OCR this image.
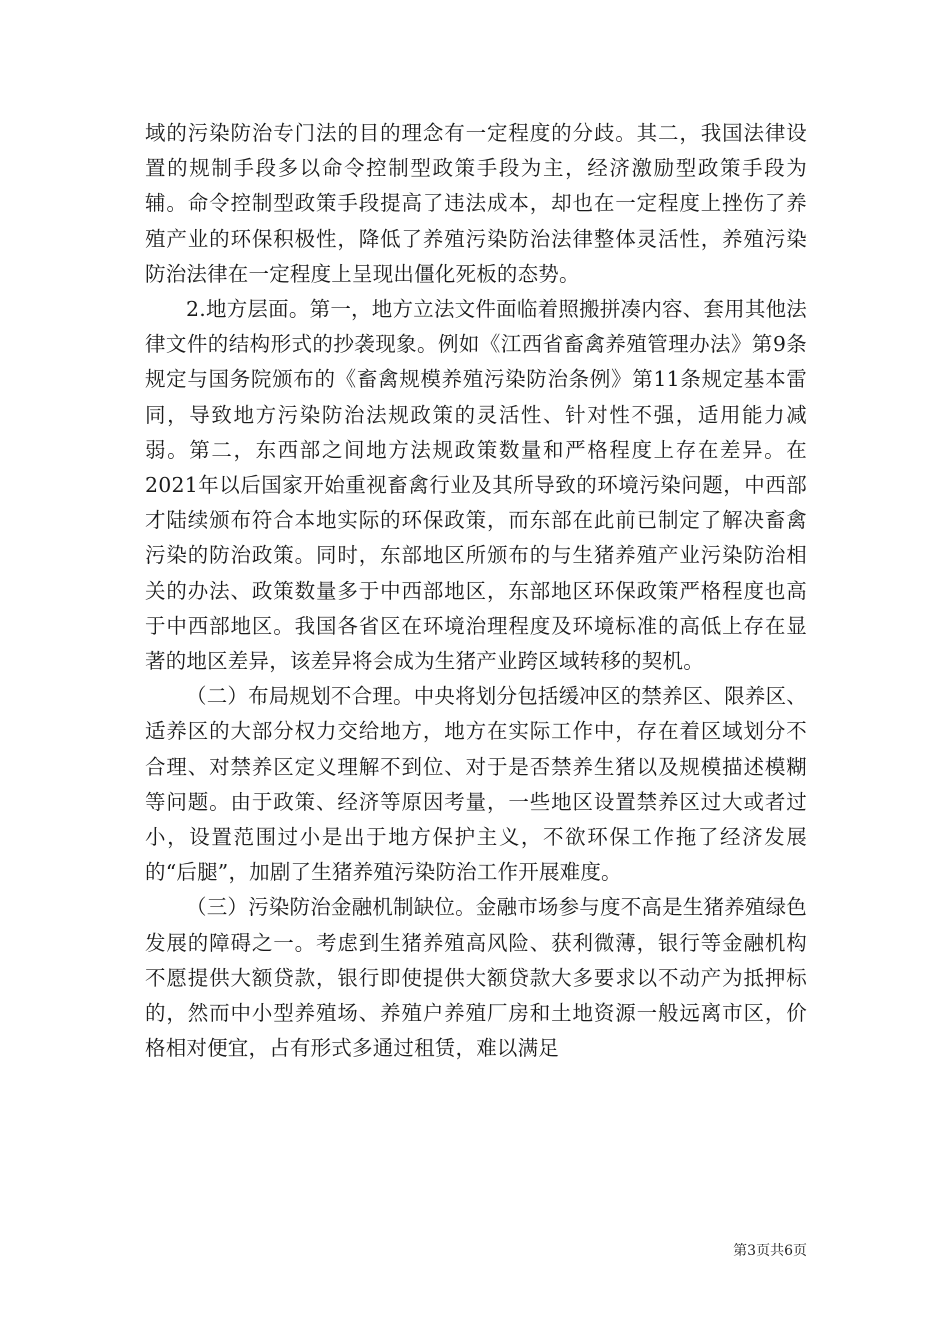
域的污染防治专门法的目的理念有一定程度的分歧。其二，我国法律设置的规制手段多以命令控制型政策手段为主，经济激励型政策手段为辅。命令控制型政策手段提高了违法成本，却也在一定程度上挫伤了养殖产业的环保积极性，降低了养殖污染防治法律整体灵活性，养殖污染防治法律在一定程度上呈现出僵化死板的态势。

2.地方层面。第一，地方立法文件面临着照搬拼凑内容、套用其他法律文件的结构形式的抄袭现象。例如《江西省畜禽养殖管理办法》第9条规定与国务院颁布的《畜禽规模养殖污染防治条例》第11条规定基本雷同，导致地方污染防治法规政策的灵活性、针对性不强，适用能力减弱。第二，东西部之间地方法规政策数量和严格程度上存在差异。在2021年以后国家开始重视畜禽行业及其所导致的环境污染问题，中西部才陆续颁布符合本地实际的环保政策，而东部在此前已制定了解决畜禽污染的防治政策。同时，东部地区所颁布的与生猪养殖产业污染防治相关的办法、政策数量多于中西部地区，东部地区环保政策严格程度也高于中西部地区。我国各省区在环境治理程度及环境标准的高低上存在显著的地区差异，该差异将会成为生猪产业跨区域转移的契机。

（二）布局规划不合理。中央将划分包括缓冲区的禁养区、限养区、适养区的大部分权力交给地方，地方在实际工作中，存在着区域划分不合理、对禁养区定义理解不到位、对于是否禁养生猪以及规模描述模糊等问题。由于政策、经济等原因考量，一些地区设置禁养区过大或者过小，设置范围过小是出于地方保护主义，不欲环保工作拖了经济发展的“后腿”，加剧了生猪养殖污染防治工作开展难度。

（三）污染防治金融机制缺位。金融市场参与度不高是生猪养殖绿色发展的障碍之一。考虑到生猪养殖高风险、获利微薄，银行等金融机构不愿提供大额贷款，银行即使提供大额贷款大多要求以不动产为抵押标的，然而中小型养殖场、养殖户养殖厂房和土地资源一般远离市区，价格相对便宜，占有形式多通过租赁，难以满足

第3页共6页
